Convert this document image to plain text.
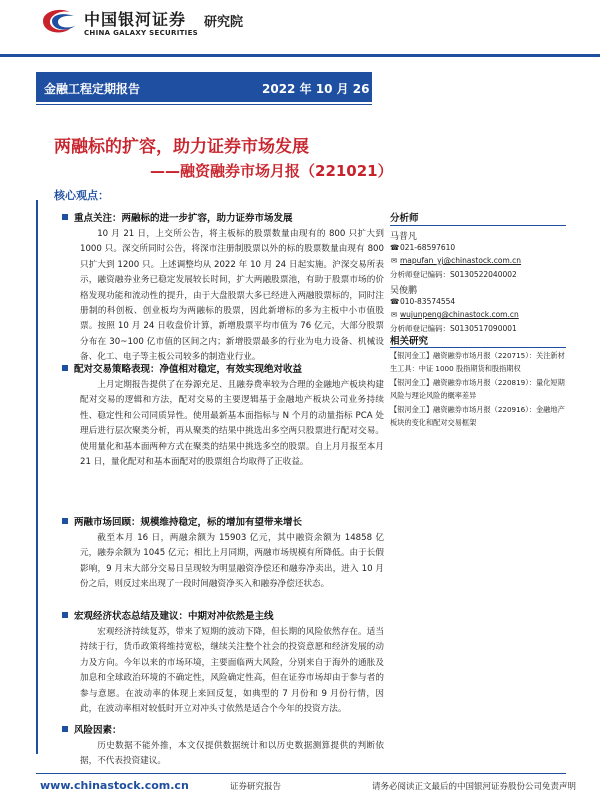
中国银河证券
CHINA GALAXY SECURITIES
研究院
金融工程定期报告	2022 年 10 月 26 日
两融标的扩容，助力证券市场发展
——融资融券市场月报（221021）
核心观点：
重点关注：两融标的进一步扩容，助力证券市场发展
10 月 21 日，上交所公告，将主板标的股票数量由现有的 800 只扩大到 1000 只。深交所同时公告，将深市注册制股票以外的标的股票数量由现有 800 只扩大到 1200 只。上述调整均从 2022 年 10 月 24 日起实施。沪深交易所表示，融资融券业务已稳定发展较长时间，扩大两融股票池，有助于股票市场的价格发现功能和流动性的提升，由于大盘股票大多已经进入两融股票标的，同时注册制的科创板、创业板均为两融标的股票，因此新增标的多为主板中小市值股票。按照 10 月 24 日收盘价计算，新增股票平均市值为 76 亿元，大部分股票分布在 30~100 亿市值的区间之内；新增股票最多的行业为电力设备、机械设备、化工、电子等主板公司较多的制造业行业。
配对交易策略表现：净值相对稳定，有效实现绝对收益
上月定期报告提供了在券源充足、且融券费率较为合理的金融地产板块构建配对交易的逻辑和方法，配对交易的主要逻辑基于金融地产板块公司业务持续性、稳定性和公司同质异性。使用最新基本面指标与 N 个月的动量指标 PCA 处理后进行层次聚类分析，再从聚类的结果中挑选出多空两只股票进行配对交易。使用量化和基本面两种方式在聚类的结果中挑选多空的股票。自上月月报至本月 21 日，量化配对和基本面配对的股票组合均取得了正收益。
两融市场回顾：规模维持稳定，标的增加有望带来增长
截至本月 16 日，两融余额为 15903 亿元，其中融资余额为 14858 亿元，融券余额为 1045 亿元；相比上月同期，两融市场规模有所降低。由于长假影响，9 月末大部分交易日呈现较为明显融资净偿还和融券净卖出，进入 10 月份之后，则反过来出现了一段时间融资净买入和融券净偿还状态。
宏观经济状态总结及建议：中期对冲依然是主线
宏观经济持续复苏，带来了短期的波动下降，但长期的风险依然存在。适当持续于行，货币政策将维持宽松，继续关注整个社会的投资意愿和经济发展的动力及方向。今年以来的市场环境，主要面临两大风险，分别来自于海外的通胀及加息和全球政治环境的不确定性，风险确定性高，但在证券市场却由于参与者的参与意愿。在波动率的体现上来回反复，如典型的 7 月份和 9 月份行情，因此，在波动率相对较低时开立对冲头寸依然是适合个今年的投资方法。
风险因素：
历史数据不能外推，本文仅提供数据统计和以历史数据测算提供的判断依据，不代表投资建议。
分析师
马普凡
☎021-68597610
✉ mapufan_yj@chinastock.com.cn
分析师登记编码：S0130522040002
吴俊鹏
☎010-83574554
✉ wujunpeng@chinastock.com.cn
分析师登记编码：S0130517090001
相关研究
【银河金工】融资融券市场月报（220715）：关注新材生工具：中证 1000 股指期货和股指期权
【银河金工】融资融券市场月报（220819）：量化短期风险与理论风险的概率差异
【银河金工】融资融券市场月报（220916）：金融地产板块的变化和配对交易框架
www.chinastock.com.cn	证券研究报告	请务必阅读正文最后的中国银河证券股份公司免责声明
